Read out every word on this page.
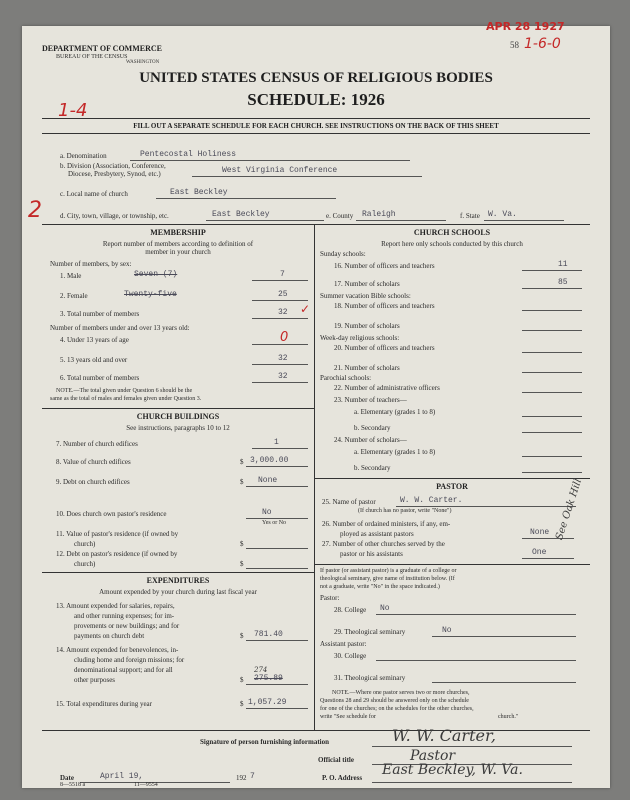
DEPARTMENT OF COMMERCE
BUREAU OF THE CENSUS
WASHINGTON
58
UNITED STATES CENSUS OF RELIGIOUS BODIES
SCHEDULE: 1926
APR 28 1927
1-6-0
1-4
FILL OUT A SEPARATE SCHEDULE FOR EACH CHURCH. SEE INSTRUCTIONS ON THE BACK OF THIS SHEET
a. Denomination	Pentecostal Holiness
b. Division (Association, Conference,
Diocese, Presbytery, Synod, etc.)	West Virginia Conference
c. Local name of church	East Beckley
2	d. City, town, village, or township, etc.	East Beckley	e. County Raleigh	f. State W. Va.
MEMBERSHIP
Report number of members according to definition of
member in your church
Number of members, by sex:
1. Male	Seven (7)	7
2. Female	Twenty-five	25
3. Total number of members	32 ✓
Number of members under and over 13 years old:
4. Under 13 years of age	0
5. 13 years old and over	32
6. Total number of members	32
NOTE.—The total given under Question 6 should be the
same as the total of males and females given under Question 3.
CHURCH BUILDINGS
See instructions, paragraphs 10 to 12
7. Number of church edifices	1
8. Value of church edifices	$ 3,000.00
9. Debt on church edifices	$ None
10. Does church own pastor's residence	No
Yes or No
11. Value of pastor's residence (if owned by
church)	$
12. Debt on pastor's residence (if owned by
church)	$
EXPENDITURES
Amount expended by your church during last fiscal year
13. Amount expended for salaries, repairs,
and other running expenses; for im-
provements or new buildings; and for
payments on church debt	$ 781.40
14. Amount expended for benevolences, in-
cluding home and foreign missions; for
denominational support; and for all
other purposes
274
$ 275.89
15. Total expenditures during year	$ 1,057.29
CHURCH SCHOOLS
Report here only schools conducted by this church
Sunday schools:
16. Number of officers and teachers	11
17. Number of scholars	85
Summer vacation Bible schools:
18. Number of officers and teachers
19. Number of scholars
Week-day religious schools:
20. Number of officers and teachers
21. Number of scholars
Parochial schools:
22. Number of administrative officers
23. Number of teachers—
a. Elementary (grades 1 to 8)
b. Secondary
24. Number of scholars—
a. Elementary (grades 1 to 8)
b. Secondary
PASTOR
25. Name of pastor	W. W. Carter.
(If church has no pastor, write "None")
26. Number of ordained ministers, if any, em-
ployed as assistant pastors	None
27. Number of other churches served by the
pastor or his assistants	One
See Oak Hill
If pastor (or assistant pastor) is a graduate of a college or
theological seminary, give name of institution below. (If
not a graduate, write "No" in the space indicated.)
Pastor:
28. College No
29. Theological seminary	No
Assistant pastor:
30. College
31. Theological seminary
NOTE.—Where one pastor serves two or more churches,
Questions 28 and 29 should be answered only on the schedule
for one of the churches; on the schedules for the other churches,
write "See schedule for	church."
Signature of person furnishing information	W. W. Carter,
Official title	Pastor
Date	April 19,	192 7	P. O. Address East Beckley, W. Va.
8—5518 a	11—9554
